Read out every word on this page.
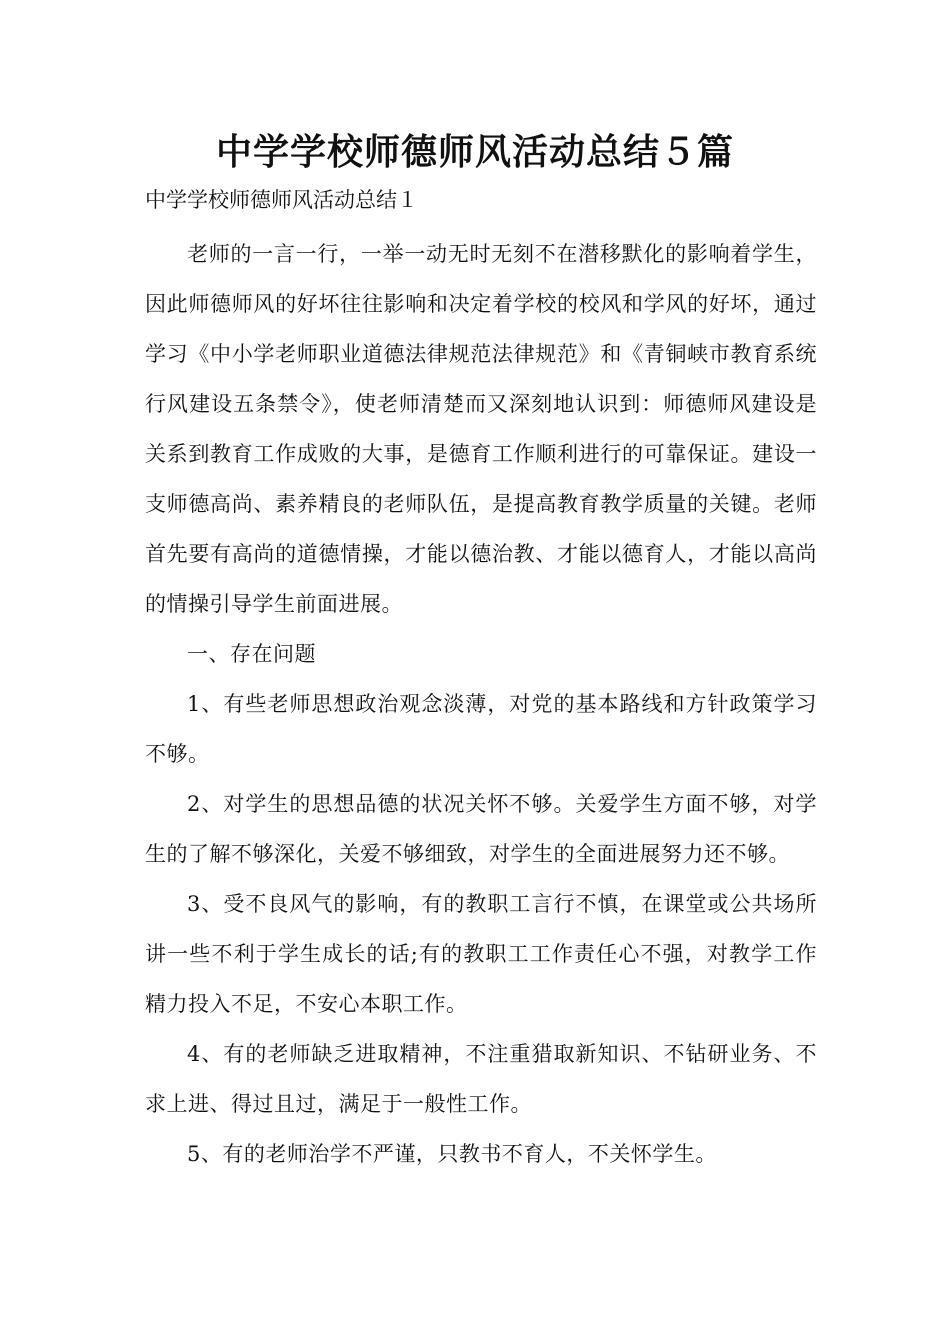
中学学校师德师风活动总结５篇
中学学校师德师风活动总结１

老师的一言一行，一举一动无时无刻不在潜移默化的影响着学生，因此师德师风的好坏往往影响和决定着学校的校风和学风的好坏，通过学习《中小学老师职业道德法律规范法律规范》和《青铜峡市教育系统行风建设五条禁令》，使老师清楚而又深刻地认识到：师德师风建设是关系到教育工作成败的大事，是德育工作顺利进行的可靠保证。建设一支师德高尚、素养精良的老师队伍，是提高教育教学质量的关键。老师首先要有高尚的道德情操，才能以德治教、才能以德育人，才能以高尚的情操引导学生前面进展。

一、存在问题

1、有些老师思想政治观念淡薄，对党的基本路线和方针政策学习不够。

2、对学生的思想品德的状况关怀不够。关爱学生方面不够，对学生的了解不够深化，关爱不够细致，对学生的全面进展努力还不够。

3、受不良风气的影响，有的教职工言行不慎，在课堂或公共场所讲一些不利于学生成长的话;有的教职工工作责任心不强，对教学工作精力投入不足，不安心本职工作。

4、有的老师缺乏进取精神，不注重猎取新知识、不钻研业务、不求上进、得过且过，满足于一般性工作。

5、有的老师治学不严谨，只教书不育人，不关怀学生。
